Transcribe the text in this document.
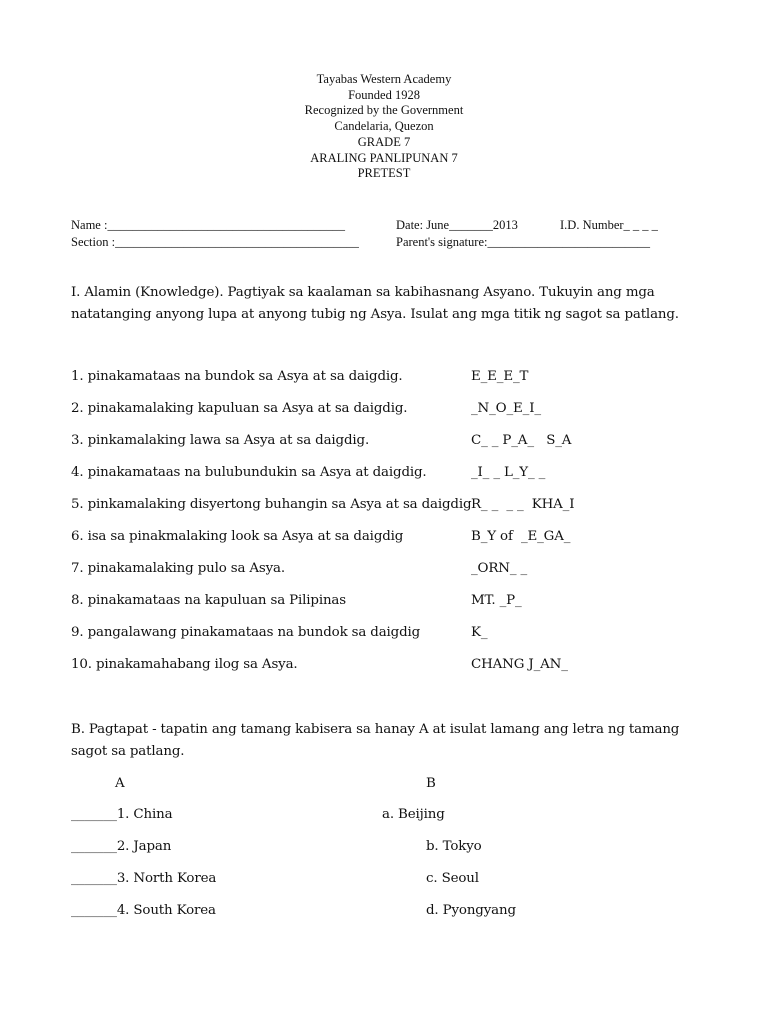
Tayabas Western Academy
Founded 1928
Recognized by the Government
Candelaria, Quezon
GRADE 7
ARALING PANLIPUNAN 7
PRETEST
Name :______________________________________	Date: June_______2013	I.D. Number_ _ _ _
Section :_______________________________________	Parent's signature:__________________________
I. Alamin (Knowledge). Pagtiyak sa kaalaman sa kabihasnang Asyano. Tukuyin ang mga natatanging anyong lupa at anyong tubig ng Asya. Isulat ang mga titik ng sagot sa patlang.
1. pinakamataas na bundok sa Asya at sa daigdig.	E_E_E_T
2. pinakamalaking kapuluan sa Asya at sa daigdig.	_N_O_E_I_
3. pinkamalaking lawa sa Asya at sa daigdig.	C_ _ P_A_   S_A
4. pinakamataas na bulubundukin sa Asya at daigdig.	_I_ _ L_Y_ _
5. pinkamalaking disyertong buhangin sa Asya at sa daigdig R_ _  _ _  KHA_I
6. isa sa pinakmalaking look sa Asya at sa daigdig	B_Y of  _E_GA_
7. pinakamalaking pulo sa Asya.	_ORN_ _
8. pinakamataas na kapuluan sa Pilipinas	MT. _P_
9. pangalawang pinakamataas na bundok sa daigdig	K_
10. pinakamahabang ilog sa Asya.	CHANG J_AN_
B. Pagtapat - tapatin ang tamang kabisera sa hanay A at isulat lamang ang letra ng tamang sagot sa patlang.
A	B
_______1. China	a. Beijing
_______2. Japan	b. Tokyo
_______3. North Korea	c. Seoul
_______4. South Korea	d. Pyongyang
